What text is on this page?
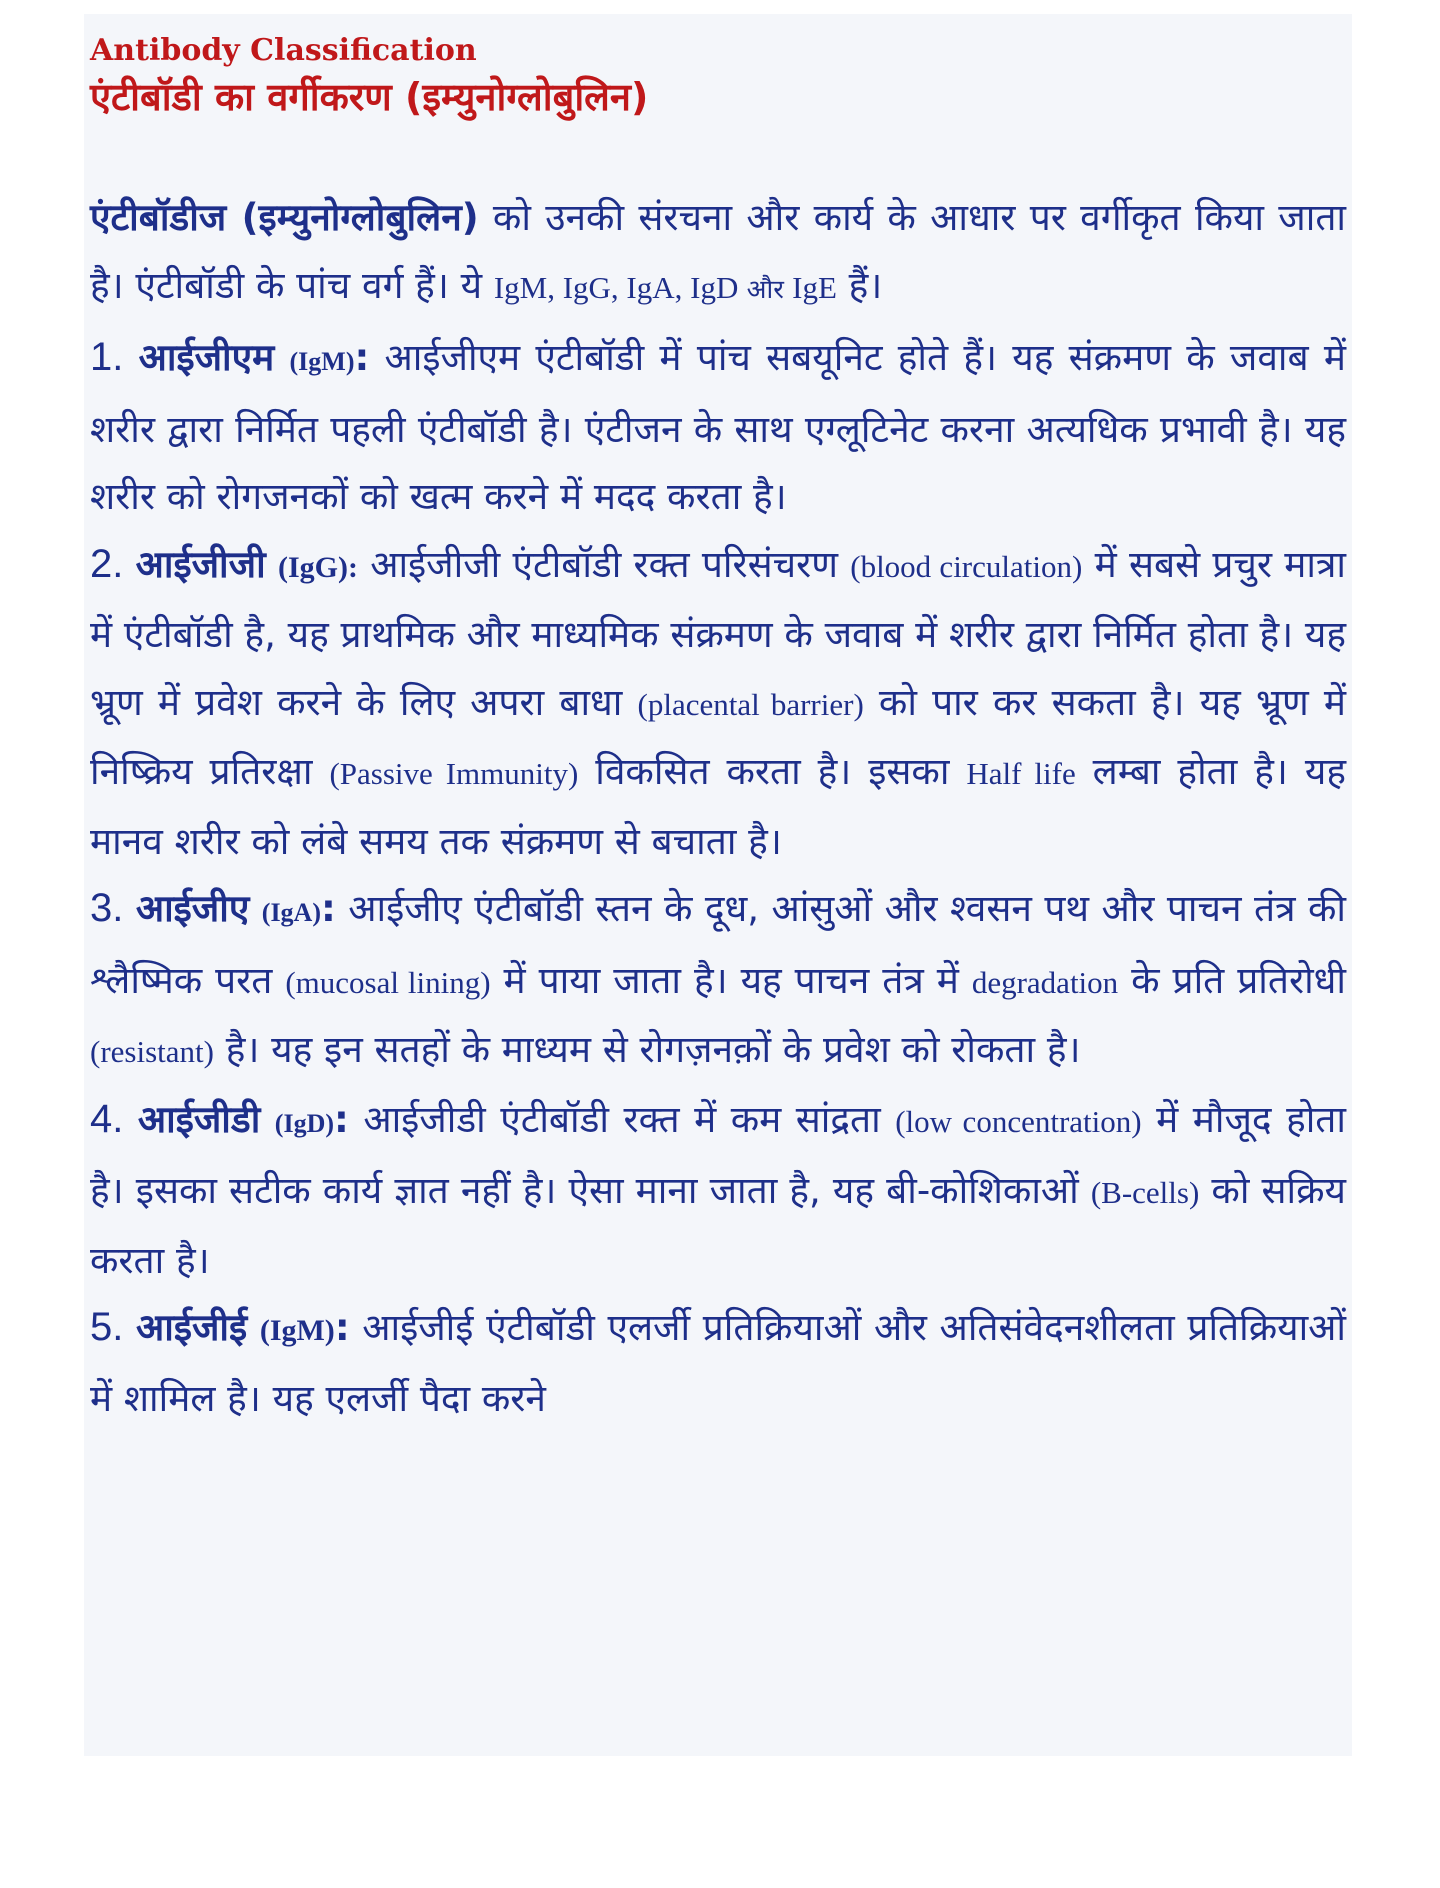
Antibody Classification
एंटीबॉडी का वर्गीकरण (इम्युनोग्लोबुलिन)

एंटीबॉडीज (इम्युनोग्लोबुलिन) को उनकी संरचना और कार्य के आधार पर वर्गीकृत किया जाता है। एंटीबॉडी के पांच वर्ग हैं। ये IgM, IgG, IgA, IgD और IgE हैं।

1. आईजीएम (IgM): आईजीएम एंटीबॉडी में पांच सबयूनिट होते हैं। यह संक्रमण के जवाब में शरीर द्वारा निर्मित पहली एंटीबॉडी है। एंटीजन के साथ एग्लूटिनेट करना अत्यधिक प्रभावी है। यह शरीर को रोगजनकों को खत्म करने में मदद करता है।

2. आईजीजी (IgG): आईजीजी एंटीबॉडी रक्त परिसंचरण (blood circulation) में सबसे प्रचुर मात्रा में एंटीबॉडी है, यह प्राथमिक और माध्यमिक संक्रमण के जवाब में शरीर द्वारा निर्मित होता है। यह भ्रूण में प्रवेश करने के लिए अपरा बाधा (placental barrier) को पार कर सकता है। यह भ्रूण में निष्क्रिय प्रतिरक्षा (Passive Immunity) विकसित करता है। इसका Half life लम्बा होता है। यह मानव शरीर को लंबे समय तक संक्रमण से बचाता है।

3. आईजीए (IgA): आईजीए एंटीबॉडी स्तन के दूध, आंसुओं और श्वसन पथ और पाचन तंत्र की श्लैष्मिक परत (mucosal lining) में पाया जाता है। यह पाचन तंत्र में degradation के प्रति प्रतिरोधी (resistant) है। यह इन सतहों के माध्यम से रोगज़नक़ों के प्रवेश को रोकता है।

4. आईजीडी (IgD): आईजीडी एंटीबॉडी रक्त में कम सांद्रता (low concentration) में मौजूद होता है। इसका सटीक कार्य ज्ञात नहीं है। ऐसा माना जाता है, यह बी-कोशिकाओं (B-cells) को सक्रिय करता है।

5. आईजीई (IgM): आईजीई एंटीबॉडी एलर्जी प्रतिक्रियाओं और अतिसंवेदनशीलता प्रतिक्रियाओं में शामिल है। यह एलर्जी पैदा करने
